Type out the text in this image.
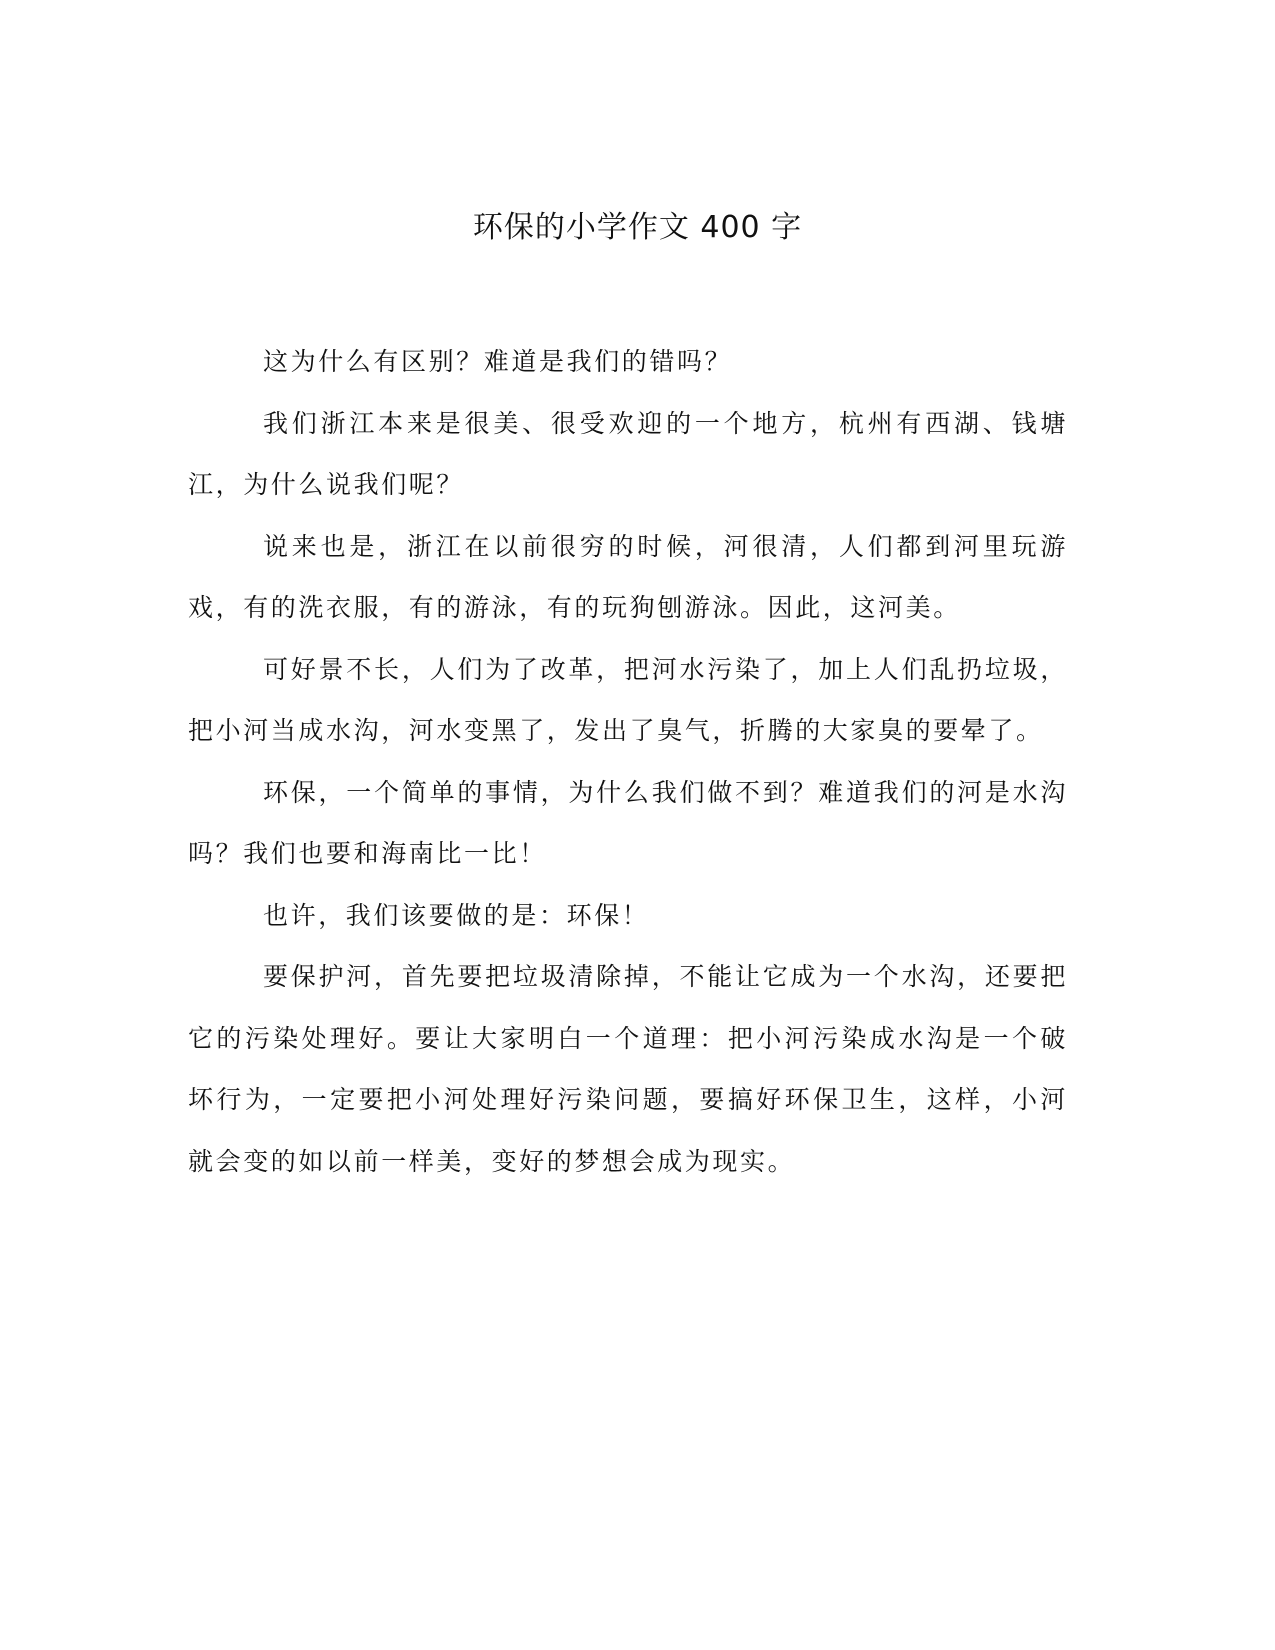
环保的小学作文 400 字

这为什么有区别？难道是我们的错吗？

我们浙江本来是很美、很受欢迎的一个地方，杭州有西湖、钱塘江，为什么说我们呢？

说来也是，浙江在以前很穷的时候，河很清，人们都到河里玩游戏，有的洗衣服，有的游泳，有的玩狗刨游泳。因此，这河美。

可好景不长，人们为了改革，把河水污染了，加上人们乱扔垃圾，把小河当成水沟，河水变黑了，发出了臭气，折腾的大家臭的要晕了。

环保，一个简单的事情，为什么我们做不到？难道我们的河是水沟吗？我们也要和海南比一比！

也许，我们该要做的是：环保！

要保护河，首先要把垃圾清除掉，不能让它成为一个水沟，还要把它的污染处理好。要让大家明白一个道理：把小河污染成水沟是一个破坏行为，一定要把小河处理好污染问题，要搞好环保卫生，这样，小河就会变的如以前一样美，变好的梦想会成为现实。
